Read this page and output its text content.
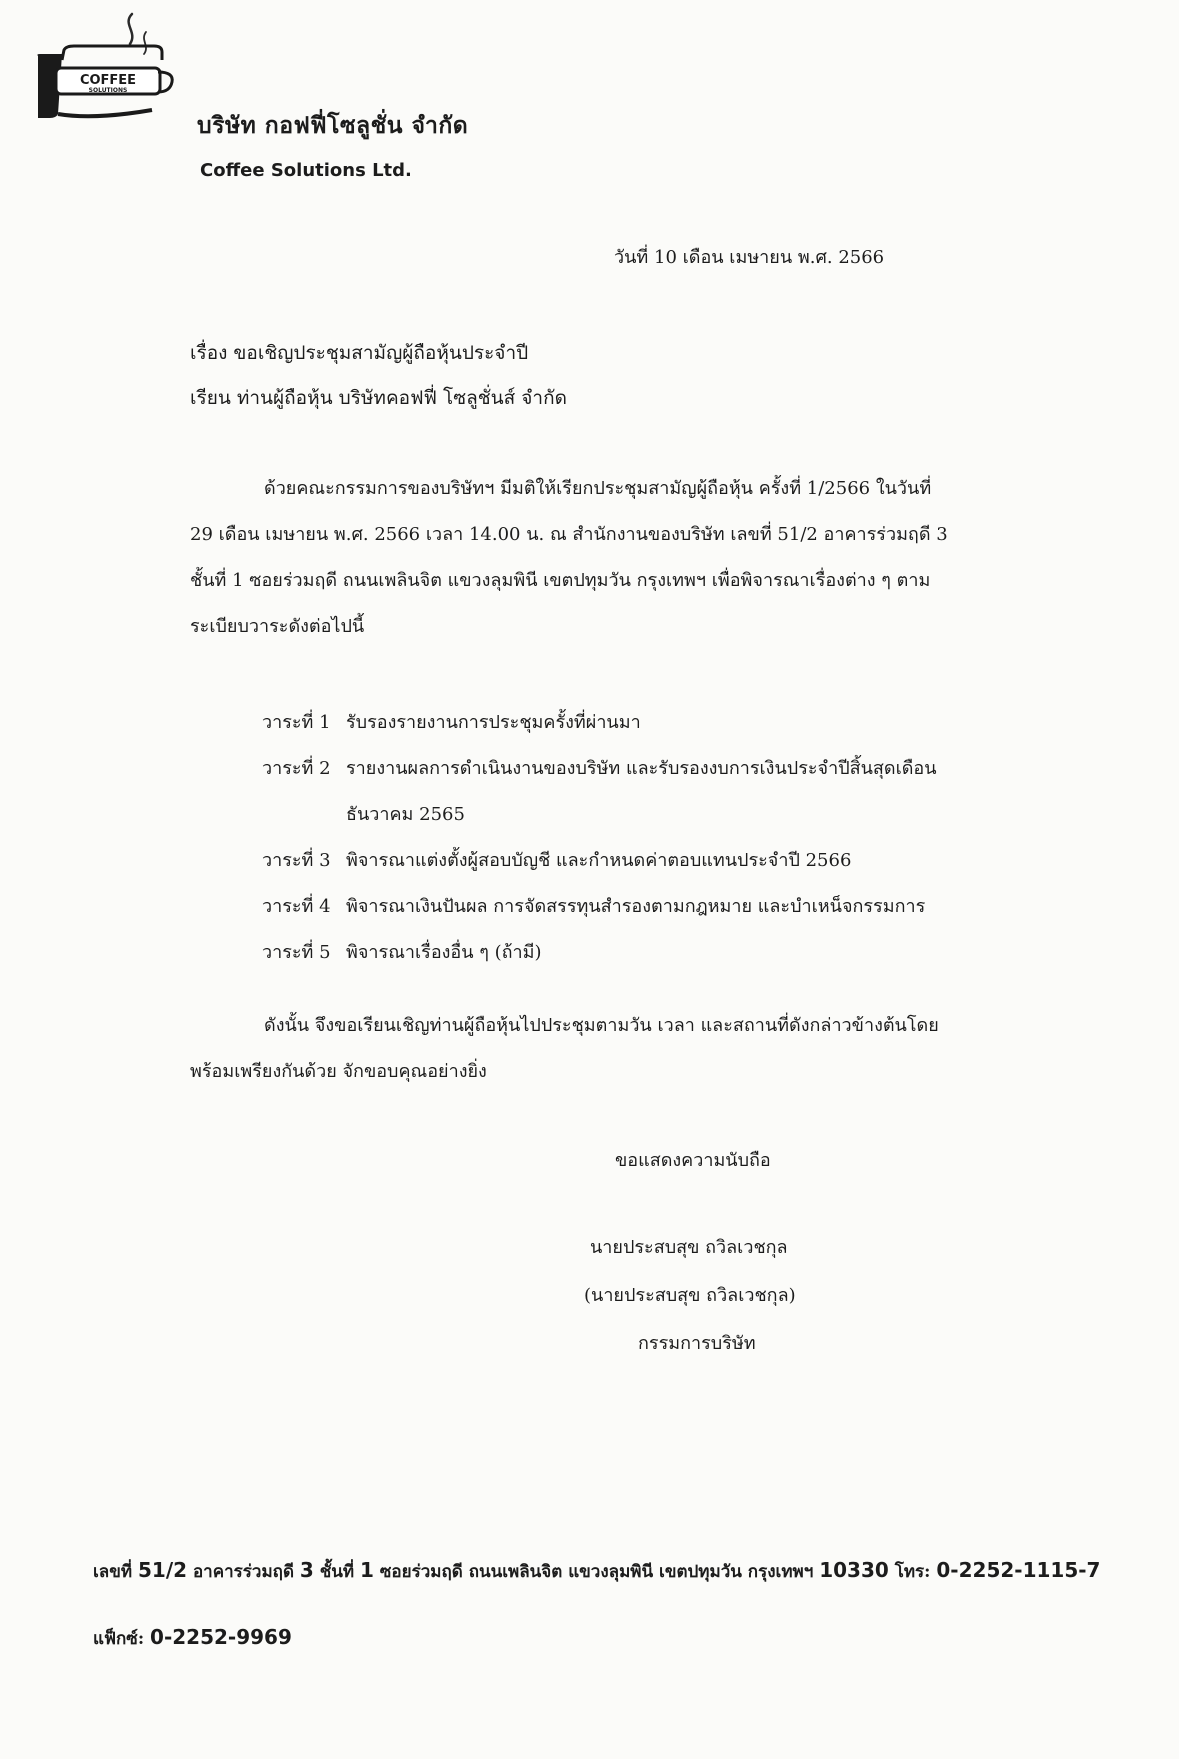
COFFEE
SOLUTIONS
บริษัท กอฟฟี่โซลูชั่น จำกัด
Coffee Solutions Ltd.
วันที่ 10 เดือน เมษายน พ.ศ. 2566
เรื่อง ขอเชิญประชุมสามัญผู้ถือหุ้นประจำปี
เรียน ท่านผู้ถือหุ้น บริษัทคอฟฟี่ โซลูชั่นส์ จำกัด
ด้วยคณะกรรมการของบริษัทฯ มีมติให้เรียกประชุมสามัญผู้ถือหุ้น ครั้งที่ 1/2566 ในวันที่
29 เดือน เมษายน พ.ศ. 2566 เวลา 14.00 น. ณ สำนักงานของบริษัท เลขที่ 51/2 อาคารร่วมฤดี 3
ชั้นที่ 1 ซอยร่วมฤดี ถนนเพลินจิต แขวงลุมพินี เขตปทุมวัน กรุงเทพฯ เพื่อพิจารณาเรื่องต่าง ๆ ตาม
ระเบียบวาระดังต่อไปนี้
วาระที่ 1 รับรองรายงานการประชุมครั้งที่ผ่านมา
วาระที่ 2 รายงานผลการดำเนินงานของบริษัท และรับรองงบการเงินประจำปีสิ้นสุดเดือน
ธันวาคม 2565
วาระที่ 3 พิจารณาแต่งตั้งผู้สอบบัญชี และกำหนดค่าตอบแทนประจำปี 2566
วาระที่ 4 พิจารณาเงินปันผล การจัดสรรทุนสำรองตามกฎหมาย และบำเหน็จกรรมการ
วาระที่ 5 พิจารณาเรื่องอื่น ๆ (ถ้ามี)
ดังนั้น จึงขอเรียนเชิญท่านผู้ถือหุ้นไปประชุมตามวัน เวลา และสถานที่ดังกล่าวข้างต้นโดย
พร้อมเพรียงกันด้วย จักขอบคุณอย่างยิ่ง
ขอแสดงความนับถือ
นายประสบสุข ถวิลเวชกุล
(นายประสบสุข ถวิลเวชกุล)
กรรมการบริษัท
เลขที่ 51/2 อาคารร่วมฤดี 3 ชั้นที่ 1 ซอยร่วมฤดี ถนนเพลินจิต แขวงลุมพินี เขตปทุมวัน กรุงเทพฯ 10330 โทร: 0-2252-1115-7
แฟ็กซ์: 0-2252-9969
